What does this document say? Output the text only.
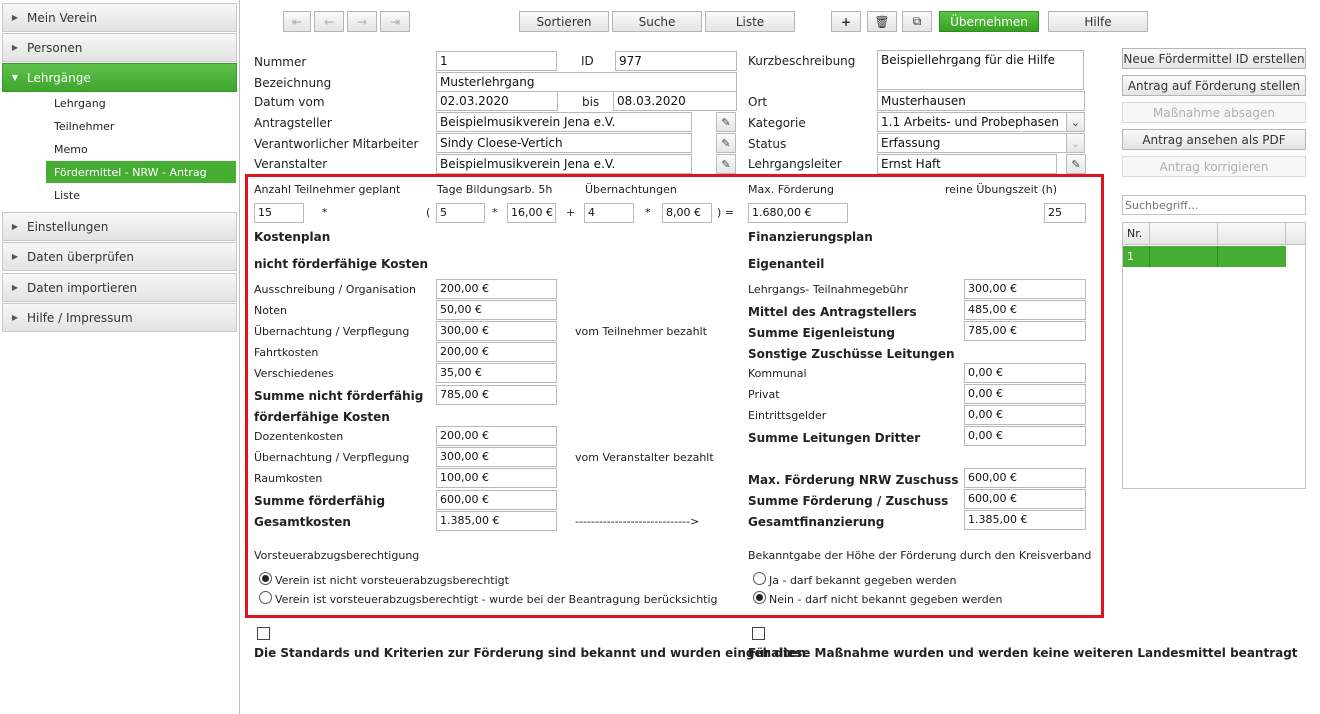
▶ Mein Verein
▶ Personen
▼ Lehrgänge
Lehrgang
Teilnehmer
Memo
Fördermittel - NRW - Antrag
Liste
▶ Einstellungen
▶ Daten überprüfen
▶ Daten importieren
▶ Hilfe / Impressum
⇤ ← → ⇥	Sortieren	Suche	Liste	+ 🗑 ⧉	Übernehmen	Hilfe
Nummer	1	ID	977	Kurzbeschreibung	Beispiellehrgang für die Hilfe
Bezeichnung	Musterlehrgang
Datum vom	02.03.2020	bis	08.03.2020	Ort	Musterhausen
Antragsteller	Beispielmusikverein Jena e.V.	✎ Kategorie	1.1 Arbeits- und Probephasen	⌄
Verantworlicher Mitarbeiter	Sindy Cloese-Vertich	✎ Status	Erfassung	⌄
Veranstalter	Beispielmusikverein Jena e.V.	✎ Lehrgangsleiter	Ernst Haft	✎
Neue Fördermittel ID erstellen
Antrag auf Förderung stellen
Maßnahme absagen
Antrag ansehen als PDF
Antrag korrigieren
Suchbegriff...
Nr.
1
Anzahl Teilnehmer geplant	Tage Bildungsarb. 5h	Übernachtungen	Max. Förderung	reine Übungszeit (h)
15	*	( 5	*	16,00 € +	4	*	8,00 €	) =	1.680,00 €	25
Kostenplan
nicht förderfähige Kosten
Ausschreibung / Organisation	200,00 €
Noten	50,00 €
Übernachtung / Verpflegung	300,00 €	vom Teilnehmer bezahlt
Fahrtkosten	200,00 €
Verschiedenes	35,00 €
Summe nicht förderfähig	785,00 €
förderfähige Kosten
Dozentenkosten	200,00 €
Übernachtung / Verpflegung	300,00 €	vom Veranstalter bezahlt
Raumkosten	100,00 €
Summe förderfähig	600,00 €
Gesamtkosten	1.385,00 €	----------------------------->
Finanzierungsplan
Eigenanteil
Lehrgangs- Teilnahmegebühr	300,00 €
Mittel des Antragstellers	485,00 €
Summe Eigenleistung	785,00 €
Sonstige Zuschüsse Leitungen
Kommunal	0,00 €
Privat	0,00 €
Eintrittsgelder	0,00 €
Summe Leitungen Dritter	0,00 €
Max. Förderung NRW Zuschuss 600,00 €
Summe Förderung / Zuschuss	600,00 €
Gesamtfinanzierung	1.385,00 €
Vorsteuerabzugsberechtigung
Verein ist nicht vorsteuerabzugsberechtigt
Verein ist vorsteuerabzugsberechtigt - wurde bei der Beantragung berücksichtig
Bekanntgabe der Höhe der Förderung durch den Kreisverband
Ja - darf bekannt gegeben werden
Nein - darf nicht bekannt gegeben werden
Die Standards und Kriterien zur Förderung sind bekannt und wurden eingehalten
Für diese Maßnahme wurden und werden keine weiteren Landesmittel beantragt
